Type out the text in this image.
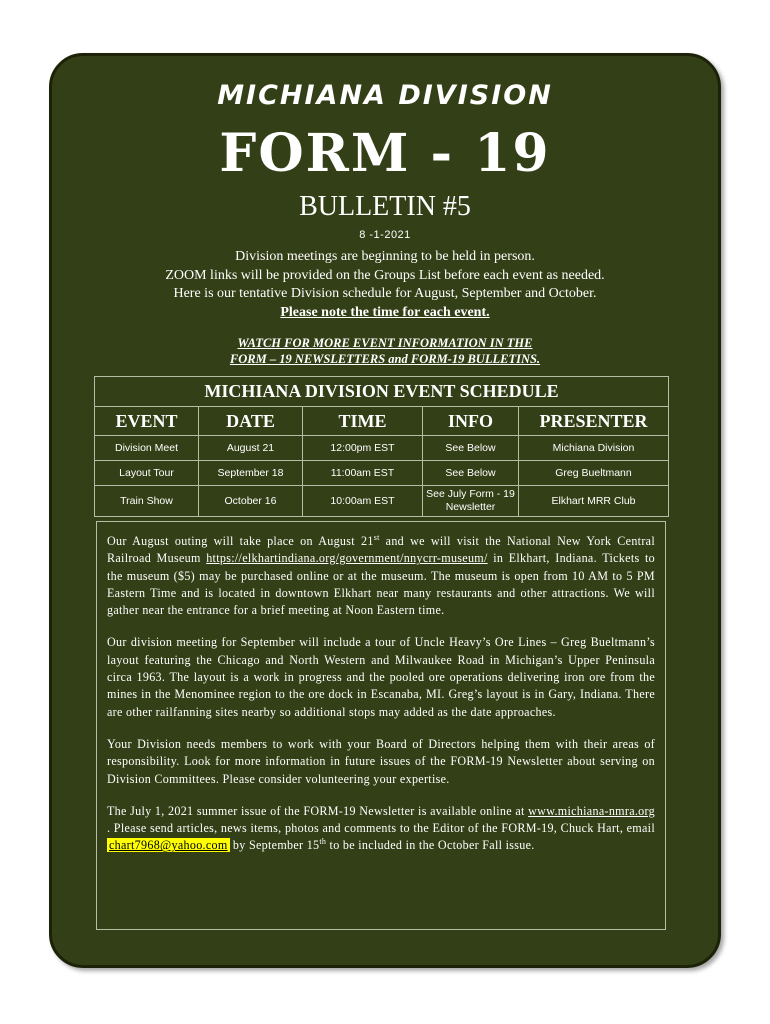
MICHIANA DIVISION
FORM - 19
BULLETIN #5
8 -1-2021
Division meetings are beginning to be held in person.
ZOOM links will be provided on the Groups List before each event as needed.
Here is our tentative Division schedule for August, September and October.
Please note the time for each event.
WATCH FOR MORE EVENT INFORMATION IN THE
FORM – 19 NEWSLETTERS and FORM-19 BULLETINS.
MICHIANA DIVISION EVENT SCHEDULE				
EVENT	DATE	TIME	INFO	PRESENTER
Division Meet	August 21	12:00pm EST	See Below	Michiana Division
Layout Tour	September 18	11:00am EST	See Below	Greg Bueltmann
Train Show	October 16	10:00am EST	See July Form - 19 Newsletter	Elkhart MRR Club

Our August outing will take place on August 21st and we will visit the National New York Central Railroad Museum https://elkhartindiana.org/government/nnycrr-museum/ in Elkhart, Indiana. Tickets to the museum ($5) may be purchased online or at the museum. The museum is open from 10 AM to 5 PM Eastern Time and is located in downtown Elkhart near many restaurants and other attractions. We will gather near the entrance for a brief meeting at Noon Eastern time.

Our division meeting for September will include a tour of Uncle Heavy’s Ore Lines – Greg Bueltmann’s layout featuring the Chicago and North Western and Milwaukee Road in Michigan’s Upper Peninsula circa 1963. The layout is a work in progress and the pooled ore operations delivering iron ore from the mines in the Menominee region to the ore dock in Escanaba, MI. Greg’s layout is in Gary, Indiana. There are other railfanning sites nearby so additional stops may added as the date approaches.

Your Division needs members to work with your Board of Directors helping them with their areas of responsibility. Look for more information in future issues of the FORM-19 Newsletter about serving on Division Committees. Please consider volunteering your expertise.

The July 1, 2021 summer issue of the FORM-19 Newsletter is available online at www.michiana-nmra.org . Please send articles, news items, photos and comments to the Editor of the FORM-19, Chuck Hart, email chart7968@yahoo.com by September 15th to be included in the October Fall issue.
